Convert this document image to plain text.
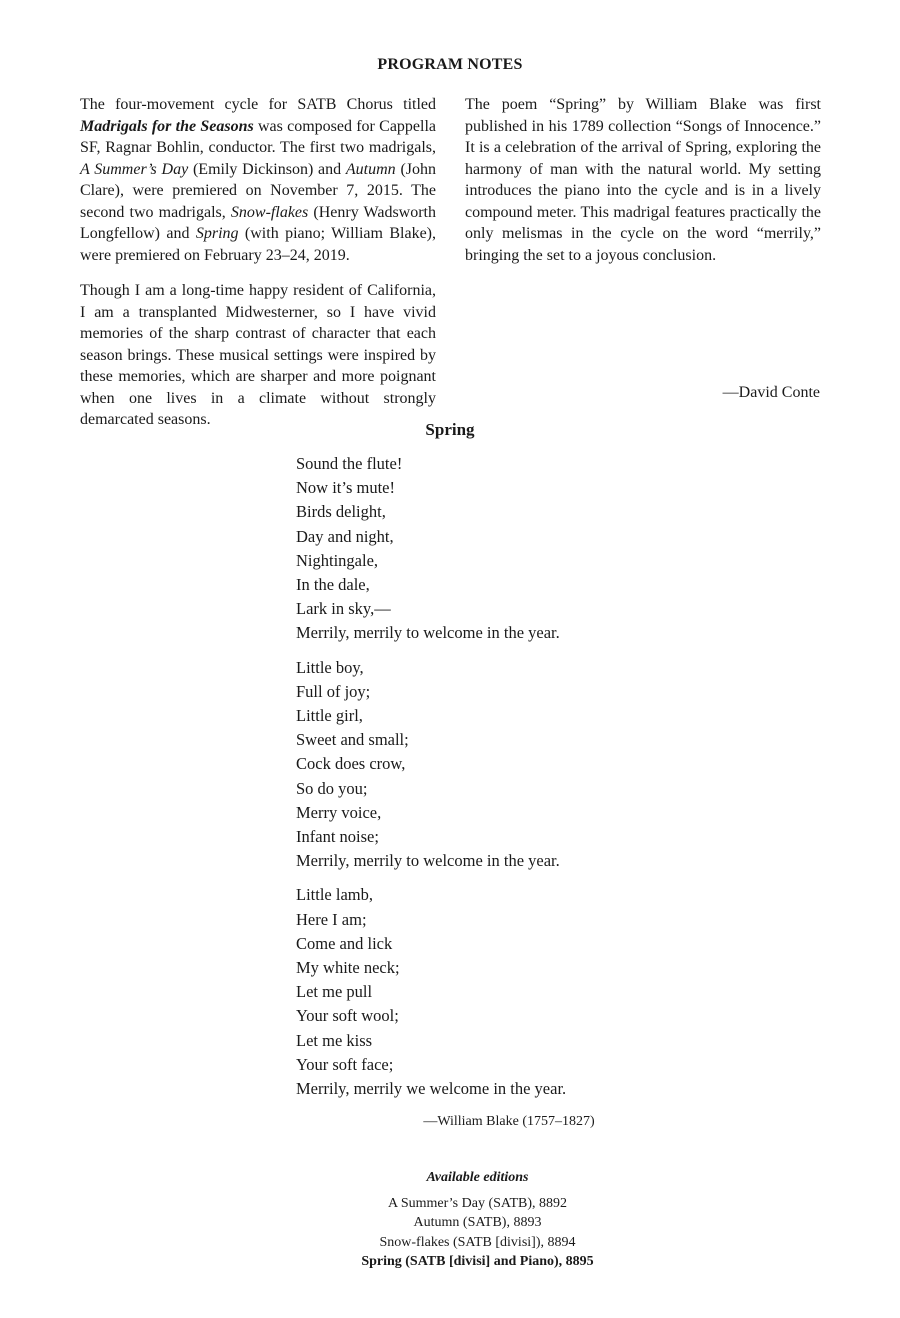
PROGRAM NOTES

The four-movement cycle for SATB Chorus titled Madrigals for the Seasons was composed for Cappella SF, Ragnar Bohlin, conductor. The first two madrigals, A Summer’s Day (Emily Dickinson) and Autumn (John Clare), were premiered on November 7, 2015. The second two madrigals, Snow-flakes (Henry Wadsworth Longfellow) and Spring (with piano; William Blake), were premiered on February 23–24, 2019.

Though I am a long-time happy resident of California, I am a transplanted Midwesterner, so I have vivid memories of the sharp contrast of character that each season brings. These musical settings were inspired by these memories, which are sharper and more poignant when one lives in a climate without strongly demarcated seasons.

The poem “Spring” by William Blake was first published in his 1789 collection “Songs of Innocence.” It is a celebration of the arrival of Spring, exploring the harmony of man with the natural world. My setting introduces the piano into the cycle and is in a lively compound meter. This madrigal features practically the only melismas in the cycle on the word “merrily,” bringing the set to a joyous conclusion.

—David Conte
Spring
Sound the flute!
Now it’s mute!
Birds delight,
Day and night,
Nightingale,
In the dale,
Lark in sky,—
Merrily, merrily to welcome in the year.
Little boy,
Full of joy;
Little girl,
Sweet and small;
Cock does crow,
So do you;
Merry voice,
Infant noise;
Merrily, merrily to welcome in the year.
Little lamb,
Here I am;
Come and lick
My white neck;
Let me pull
Your soft wool;
Let me kiss
Your soft face;
Merrily, merrily we welcome in the year.
—William Blake (1757–1827)
Available editions
A Summer’s Day (SATB), 8892
Autumn (SATB), 8893
Snow-flakes (SATB [divisi]), 8894
Spring (SATB [divisi] and Piano), 8895
